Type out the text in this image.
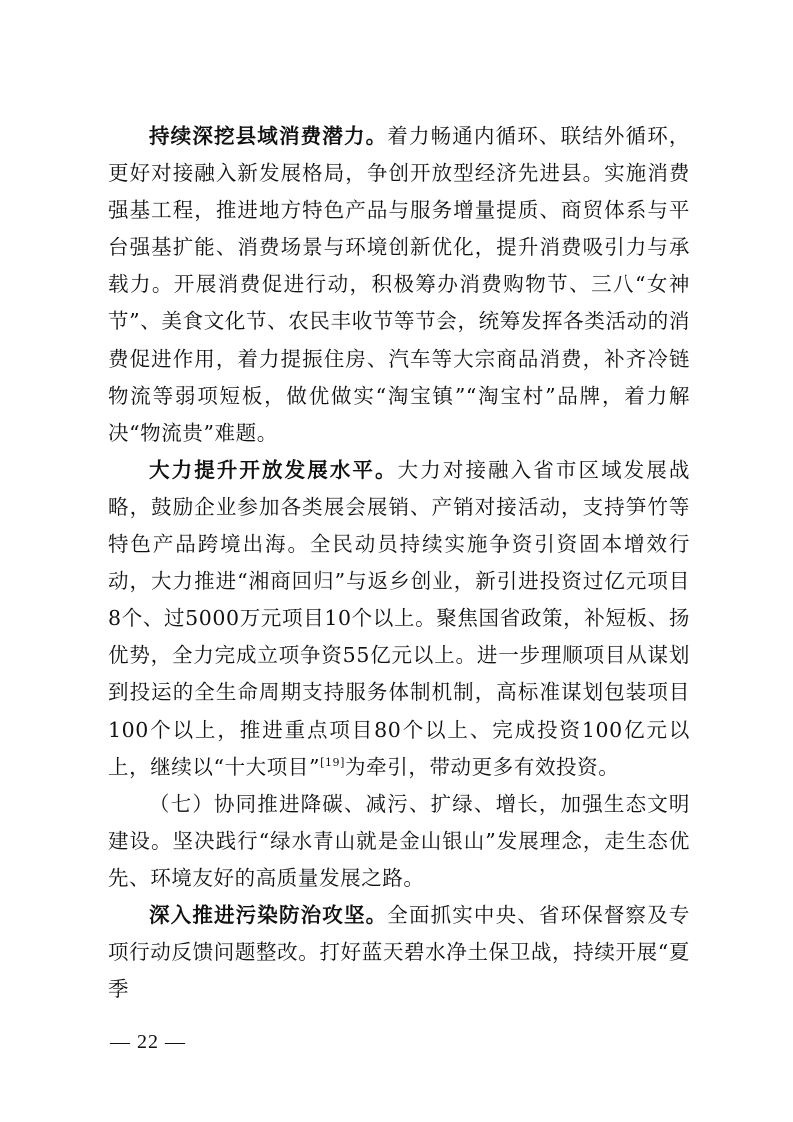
持续深挖县域消费潜力。着力畅通内循环、联结外循环，更好对接融入新发展格局，争创开放型经济先进县。实施消费强基工程，推进地方特色产品与服务增量提质、商贸体系与平台强基扩能、消费场景与环境创新优化，提升消费吸引力与承载力。开展消费促进行动，积极筹办消费购物节、三八“女神节”、美食文化节、农民丰收节等节会，统筹发挥各类活动的消费促进作用，着力提振住房、汽车等大宗商品消费，补齐冷链物流等弱项短板，做优做实“淘宝镇”“淘宝村”品牌，着力解决“物流贵”难题。

大力提升开放发展水平。大力对接融入省市区域发展战略，鼓励企业参加各类展会展销、产销对接活动，支持笋竹等特色产品跨境出海。全民动员持续实施争资引资固本增效行动，大力推进“湘商回归”与返乡创业，新引进投资过亿元项目8个、过5000万元项目10个以上。聚焦国省政策，补短板、扬优势，全力完成立项争资55亿元以上。进一步理顺项目从谋划到投运的全生命周期支持服务体制机制，高标准谋划包装项目100个以上，推进重点项目80个以上、完成投资100亿元以上，继续以“十大项目”[19]为牵引，带动更多有效投资。

（七）协同推进降碳、减污、扩绿、增长，加强生态文明建设。坚决践行“绿水青山就是金山银山”发展理念，走生态优先、环境友好的高质量发展之路。

深入推进污染防治攻坚。全面抓实中央、省环保督察及专项行动反馈问题整改。打好蓝天碧水净土保卫战，持续开展“夏季

— 22 —
